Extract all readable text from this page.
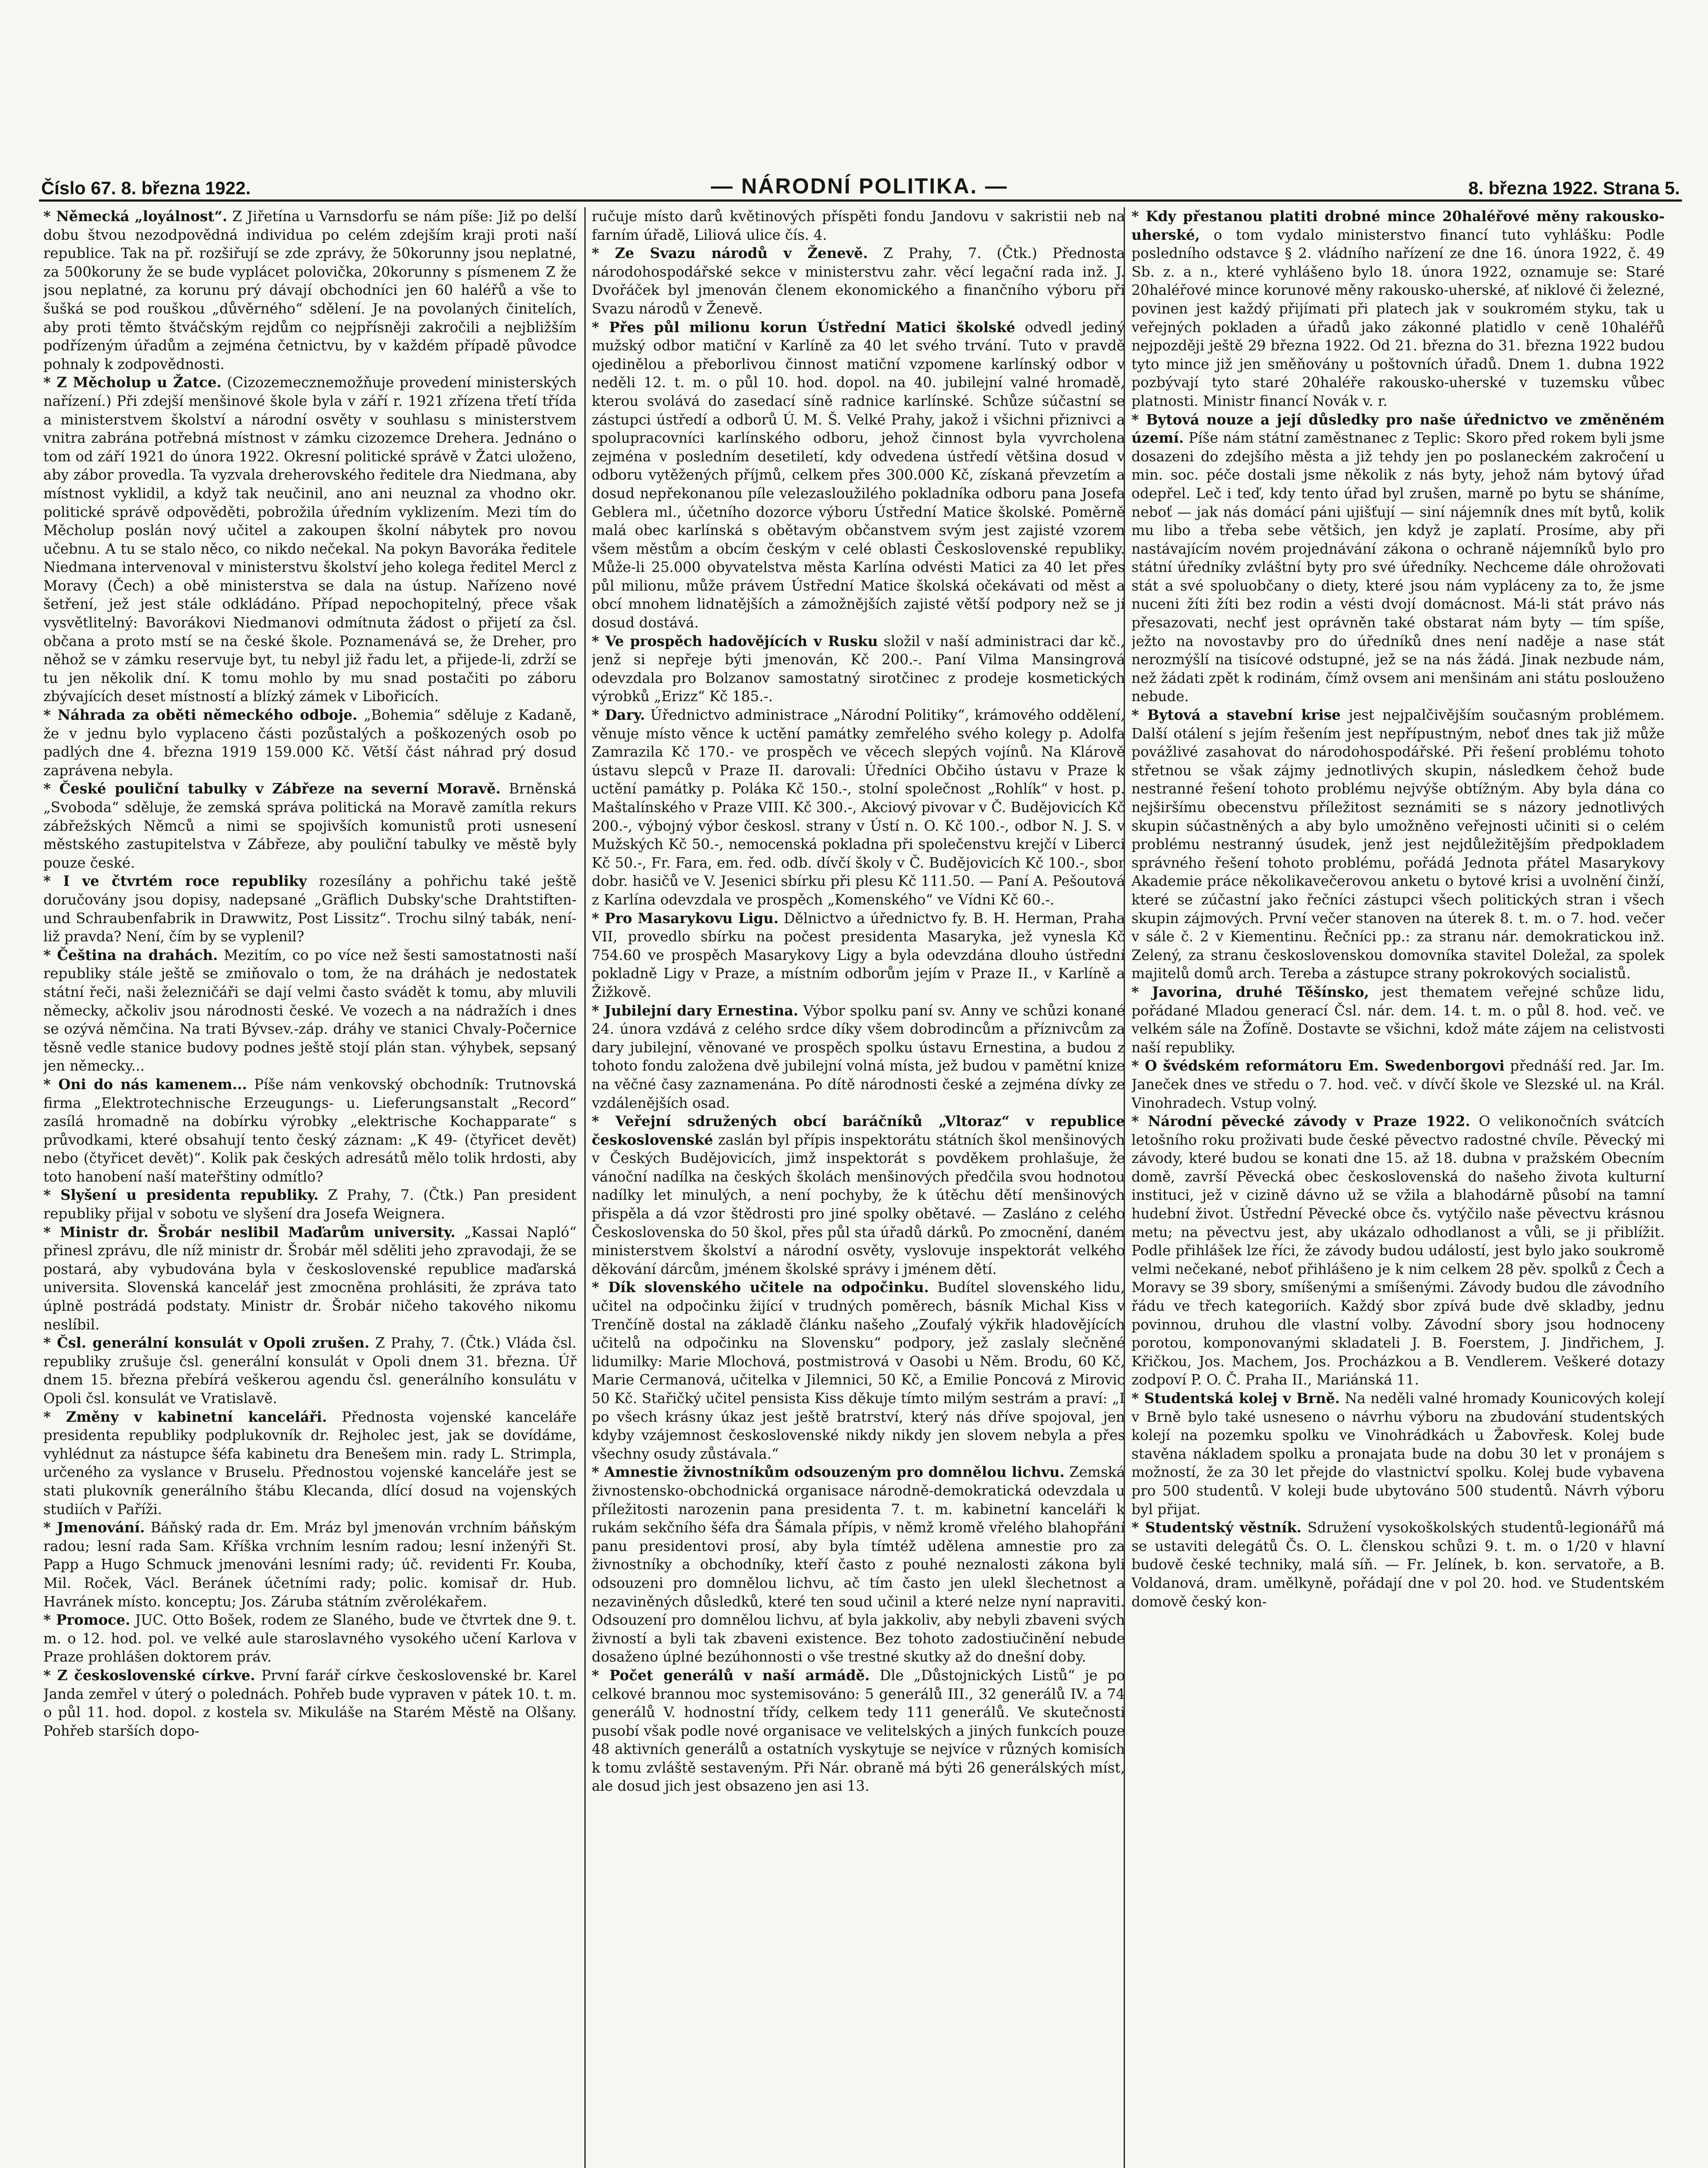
Číslo 67. 8. března 1922.	— NÁRODNÍ POLITIKA. —	8. března 1922. Strana 5.

* Německá „loyálnost“. Z Jiřetína u Varnsdorfu se nám píše: Již po delší dobu štvou nezodpovědná individua po celém zdejším kraji proti naší republice. Tak na př. rozšiřují se zde zprávy, že 50korunny jsou neplatné, za 500koruny že se bude vyplácet polovička, 20korunny s písmenem Z že jsou neplatné, za korunu prý dávají obchodníci jen 60 haléřů a vše to šušká se pod rouškou „důvěrného“ sdělení. Je na povolaných činitelích, aby proti těmto štváčským rejdům co nejpřísněji zakročili a nejbližším podřízeným úřadům a zejména četnictvu, by v každém případě původce pohnaly k zodpovědnosti.

* Z Měcholup u Žatce. (Cizozemecznemožňuje provedení ministerských nařízení.) Při zdejší menšinové škole byla v září r. 1921 zřízena třetí třída a ministerstvem školství a národní osvěty v souhlasu s ministerstvem vnitra zabrána potřebná místnost v zámku cizozemce Drehera. Jednáno o tom od září 1921 do února 1922. Okresní politické správě v Žatci uloženo, aby zábor provedla. Ta vyzvala dreherovského ředitele dra Niedmana, aby místnost vyklidil, a když tak neučinil, ano ani neuznal za vhodno okr. politické správě odpověděti, pobrožila úředním vyklizením. Mezi tím do Měcholup poslán nový učitel a zakoupen školní nábytek pro novou učebnu. A tu se stalo něco, co nikdo nečekal. Na pokyn Bavoráka ředitele Niedmana intervenoval v ministerstvu školství jeho kolega ředitel Mercl z Moravy (Čech) a obě ministerstva se dala na ústup. Nařízeno nové šetření, jež jest stále odkládáno. Případ nepochopitelný, přece však vysvětlitelný: Bavorákovi Niedmanovi odmítnuta žádost o přijetí za čsl. občana a proto mstí se na české škole. Poznamenává se, že Dreher, pro něhož se v zámku reservuje byt, tu nebyl již řadu let, a přijede-li, zdrží se tu jen několik dní. K tomu mohlo by mu snad postačiti po záboru zbývajících deset místností a blízký zámek v Libořicích.

* Náhrada za oběti německého odboje. „Bohemia“ sděluje z Kadaně, že v jednu bylo vyplaceno části pozůstalých a poškozených osob po padlých dne 4. března 1919 159.000 Kč. Větší část náhrad prý dosud zaprávena nebyla.

* České pouliční tabulky v Zábřeze na severní Moravě. Brněnská „Svoboda“ sděluje, že zemská správa politická na Moravě zamítla rekurs zábřežských Němců a nimi se spojivších komunistů proti usnesení městského zastupitelstva v Zábřeze, aby pouliční tabulky ve městě byly pouze české.

* I ve čtvrtém roce republiky rozesílány a pohřichu také ještě doručovány jsou dopisy, nadepsané „Gräflich Dubsky'sche Drahtstiften- und Schraubenfabrik in Drawwitz, Post Lissitz“. Trochu silný tabák, není-liž pravda? Není, čím by se vyplenil?

* Čeština na drahách. Mezitím, co po více než šesti samostatnosti naší republiky stále ještě se zmiňovalo o tom, že na dráhách je nedostatek státní řeči, naši železničáři se dají velmi často svádět k tomu, aby mluvili německy, ačkoliv jsou národnosti české. Ve vozech a na nádražích i dnes se ozývá němčina. Na trati Bývsev.-záp. dráhy ve stanici Chvaly-Počernice těsně vedle stanice budovy podnes ještě stojí plán stan. výhybek, sepsaný jen německy...

* Oni do nás kamenem... Píše nám venkovský obchodník: Trutnovská firma „Elektrotechnische Erzeugungs- u. Lieferungsanstalt „Record“ zasílá hromadně na dobírku výrobky „elektrische Kochapparate“ s průvodkami, které obsahují tento český záznam: „K 49- (čtyřicet devět) nebo (čtyřicet devět)“. Kolik pak českých adresátů mělo tolik hrdosti, aby toto hanobení naší mateřštiny odmítlo?

* Slyšení u presidenta republiky. Z Prahy, 7. (Čtk.) Pan president republiky přijal v sobotu ve slyšení dra Josefa Weignera.

* Ministr dr. Šrobár neslibil Maďarům university. „Kassai Napló“ přinesl zprávu, dle níž ministr dr. Šrobár měl sděliti jeho zpravodaji, že se postará, aby vybudována byla v československé republice maďarská universita. Slovenská kancelář jest zmocněna prohlásiti, že zpráva tato úplně postrádá podstaty. Ministr dr. Šrobár ničeho takového nikomu neslíbil.

* Čsl. generální konsulát v Opoli zrušen. Z Prahy, 7. (Čtk.) Vláda čsl. republiky zrušuje čsl. generální konsulát v Opoli dnem 31. března. Úř dnem 15. března přebírá veškerou agendu čsl. generálního konsulátu v Opoli čsl. konsulát ve Vratislavě.

* Změny v kabinetní kanceláři. Přednosta vojenské kanceláře presidenta republiky podplukovník dr. Rejholec jest, jak se dovídáme, vyhlédnut za nástupce šéfa kabinetu dra Benešem min. rady L. Strimpla, určeného za vyslance v Bruselu. Přednostou vojenské kanceláře jest se stati plukovník generálního štábu Klecanda, dlící dosud na vojenských studiích v Paříži.

* Jmenování. Báňský rada dr. Em. Mráz byl jmenován vrchním báňským radou; lesní rada Sam. Kříška vrchním lesním radou; lesní inženýři St. Papp a Hugo Schmuck jmenováni lesními rady; úč. revidenti Fr. Kouba, Mil. Roček, Václ. Beránek účetními rady; polic. komisař dr. Hub. Havránek místo. konceptu; Jos. Záruba státním zvěrolékařem.

* Promoce. JUC. Otto Bošek, rodem ze Slaného, bude ve čtvrtek dne 9. t. m. o 12. hod. pol. ve velké aule staroslavného vysokého učení Karlova v Praze prohlášen doktorem práv.

* Z československé církve. První farář církve československé br. Karel Janda zemřel v úterý o polednách. Pohřeb bude vypraven v pátek 10. t. m. o půl 11. hod. dopol. z kostela sv. Mikuláše na Starém Městě na Olšany. Pohřeb starších dopo-

ručuje místo darů květinových příspěti fondu Jandovu v sakristii neb na farním úřadě, Liliová ulice čís. 4.

* Ze Svazu národů v Ženevě. Z Prahy, 7. (Čtk.) Přednosta národohospodářské sekce v ministerstvu zahr. věcí legační rada inž. J. Dvořáček byl jmenován členem ekonomického a finančního výboru při Svazu národů v Ženevě.

* Přes půl milionu korun Ústřední Matici školské odvedl jediný mužský odbor matiční v Karlíně za 40 let svého trvání. Tuto v pravdě ojedinělou a přeborlivou činnost matiční vzpomene karlínský odbor v neděli 12. t. m. o půl 10. hod. dopol. na 40. jubilejní valné hromadě, kterou svolává do zasedací síně radnice karlínské. Schůze súčastní se zástupci ústředí a odborů Ú. M. Š. Velké Prahy, jakož i všichni přiznivci a spolupracovníci karlínského odboru, jehož činnost byla vyvrcholena zejména v posledním desetiletí, kdy odvedena ústředí většina dosud v odboru vytěžených příjmů, celkem přes 300.000 Kč, získaná převzetím a dosud nepřekonanou píle velezasloužilého pokladníka odboru pana Josefa Geblera ml., účetního dozorce výboru Ústřední Matice školské. Poměrně malá obec karlínská s obětavým občanstvem svým jest zajisté vzorem všem městům a obcím českým v celé oblasti Československé republiky. Může-li 25.000 obyvatelstva města Karlína odvésti Matici za 40 let přes půl milionu, může právem Ústřední Matice školská očekávati od měst a obcí mnohem lidnatějších a zámožnějších zajisté větší podpory než se jí dosud dostává.

* Ve prospěch hadovějících v Rusku složil v naší administraci dar kč., jenž si nepřeje býti jmenován, Kč 200.-. Paní Vilma Mansingrová odevzdala pro Bolzanov samostatný sirotčinec z prodeje kosmetických výrobků „Erizz“ Kč 185.-.

* Dary. Úřednictvo administrace „Národní Politiky“, krámového oddělení, věnuje místo věnce k uctění památky zemřelého svého kolegy p. Adolfa Zamrazila Kč 170.- ve prospěch ve věcech slepých vojínů. Na Klárově ústavu slepců v Praze II. darovali: Úředníci Občiho ústavu v Praze k uctění památky p. Poláka Kč 150.-, stolní společnost „Rohlík“ v host. p. Maštalínského v Praze VIII. Kč 300.-, Akciový pivovar v Č. Budějovicích Kč 200.-, výbojný výbor českosl. strany v Ústí n. O. Kč 100.-, odbor N. J. S. v Mužských Kč 50.-, nemocenská pokladna při společenstvu krejčí v Liberci Kč 50.-, Fr. Fara, em. řed. odb. dívčí školy v Č. Budějovicích Kč 100.-, sbor dobr. hasičů ve V. Jesenici sbírku při plesu Kč 111.50. — Paní A. Pešoutová z Karlína odevzdala ve prospěch „Komenského“ ve Vídni Kč 60.-.

* Pro Masarykovu Ligu. Dělnictvo a úřednictvo fy. B. H. Herman, Praha VII, provedlo sbírku na počest presidenta Masaryka, jež vynesla Kč 754.60 ve prospěch Masarykovy Ligy a byla odevzdána dlouho ústřední pokladně Ligy v Praze, a místním odborům jejím v Praze II., v Karlíně a Žižkově.

* Jubilejní dary Ernestina. Výbor spolku paní sv. Anny ve schůzi konané 24. února vzdává z celého srdce díky všem dobrodincům a příznivcům za dary jubilejní, věnované ve prospěch spolku ústavu Ernestina, a budou z tohoto fondu založena dvě jubilejní volná místa, jež budou v pamětní knize na věčné časy zaznamenána. Po dítě národnosti české a zejména dívky ze vzdálenějších osad.

* Veřejní sdružených obcí baráčníků „Vltoraz“ v republice československé zaslán byl přípis inspektorátu státních škol menšinových v Českých Budějovicích, jimž inspektorát s povděkem prohlašuje, že vánoční nadílka na českých školách menšinových předčila svou hodnotou nadílky let minulých, a není pochyby, že k útěchu dětí menšinových přispěla a dá vzor štědrosti pro jiné spolky obětavé. — Zasláno z celého Československa do 50 škol, přes půl sta úřadů dárků. Po zmocnění, daném ministerstvem školství a národní osvěty, vyslovuje inspektorát velkého děkování dárcům, jménem školské správy i jménem dětí.

* Dík slovenského učitele na odpočinku. Budítel slovenského lidu, učitel na odpočinku žijící v trudných poměrech, básník Michal Kiss v Trenčíně dostal na základě článku našeho „Zoufalý výkřik hladovějících učitelů na odpočinku na Slovensku“ podpory, jež zaslaly slečněné lidumilky: Marie Mlochová, postmistrová v Oasobi u Něm. Brodu, 60 Kč, Marie Cermanová, učitelka v Jilemnici, 50 Kč, a Emilie Poncová z Mirovic 50 Kč. Stařičký učitel pensista Kiss děkuje tímto milým sestrám a praví: „I po všech krásny úkaz jest ještě bratrství, který nás dříve spojoval, jen kdyby vzájemnost československé nikdy nikdy jen slovem nebyla a přes všechny osudy zůstávala.“

* Amnestie živnostníkům odsouzeným pro domnělou lichvu. Zemská živnostensko-obchodnická organisace národně-demokratická odevzdala u příležitosti narozenin pana presidenta 7. t. m. kabinetní kanceláři k rukám sekčního šéfa dra Šámala přípis, v němž kromě vřelého blahopřání panu presidentovi prosí, aby byla tímtéž udělena amnestie pro za živnostníky a obchodníky, kteří často z pouhé neznalosti zákona byli odsouzeni pro domnělou lichvu, ač tím často jen ulekl šlechetnost a nezaviněných důsledků, které ten soud učinil a které nelze nyní napraviti. Odsouzení pro domnělou lichvu, ať byla jakkoliv, aby nebyli zbaveni svých živností a byli tak zbaveni existence. Bez tohoto zadostiučinění nebude dosaženo úplné bezúhonnosti o vše trestné skutky až do dnešní doby.

* Počet generálů v naší armádě. Dle „Důstojnických Listů“ je po celkové brannou moc systemisováno: 5 generálů III., 32 generálů IV. a 74 generálů V. hodnostní třídy, celkem tedy 111 generálů. Ve skutečnosti pusobí však podle nové organisace ve velitelských a jiných funkcích pouze 48 aktivních generálů a ostatních vyskytuje se nejvíce v různých komisích k tomu zvláště sestaveným. Při Nár. obraně má býti 26 generálských míst, ale dosud jich jest obsazeno jen asi 13.

* Kdy přestanou platiti drobné mince 20haléřové měny rakousko-uherské, o tom vydalo ministerstvo financí tuto vyhlášku: Podle posledního odstavce § 2. vládního nařízení ze dne 16. února 1922, č. 49 Sb. z. a n., které vyhlášeno bylo 18. února 1922, oznamuje se: Staré 20haléřové mince korunové měny rakousko-uherské, ať niklové či železné, povinen jest každý přijímati při platech jak v soukromém styku, tak u veřejných pokladen a úřadů jako zákonné platidlo v ceně 10haléřů nejpozději ještě 29 března 1922. Od 21. března do 31. března 1922 budou tyto mince již jen směňovány u poštovních úřadů. Dnem 1. dubna 1922 pozbývají tyto staré 20haléře rakousko-uherské v tuzemsku vůbec platnosti. Ministr financí Novák v. r.

* Bytová nouze a její důsledky pro naše úřednictvo ve změněném území. Píše nám státní zaměstnanec z Teplic: Skoro před rokem byli jsme dosazeni do zdejšího města a již tehdy jen po poslaneckém zakročení u min. soc. péče dostali jsme několik z nás byty, jehož nám bytový úřad odepřel. Leč i teď, kdy tento úřad byl zrušen, marně po bytu se sháníme, neboť — jak nás domácí páni ujišťují — siní nájemník dnes mít bytů, kolik mu libo a třeba sebe většich, jen když je zaplatí. Prosíme, aby při nastávajícím novém projednávání zákona o ochraně nájemníků bylo pro státní úředníky zvláštní byty pro své úředníky. Nechceme dále ohrožovati stát a své spoluobčany o diety, které jsou nám vypláceny za to, že jsme nuceni žíti žíti bez rodin a vésti dvojí domácnost. Má-li stát právo nás přesazovati, nechť jest oprávněn také obstarat nám byty — tím spíše, ježto na novostavby pro do úředníků dnes není naděje a nase stát nerozmýšlí na tisícové odstupné, jež se na nás žádá. Jinak nezbude nám, než žádati zpět k rodinám, čímž ovsem ani menšinám ani státu poslouženo nebude.

* Bytová a stavební krise jest nejpalčivějším současným problémem. Další otálení s jejím řešením jest nepřípustným, neboť dnes tak již může povážlivé zasahovat do národohospodářské. Při řešení problému tohoto střetnou se však zájmy jednotlivých skupin, následkem čehož bude nestranné řešení tohoto problému nejvýše obtížným. Aby byla dána co nejširšímu obecenstvu příležitost seznámiti se s názory jednotlivých skupin súčastněných a aby bylo umožněno veřejnosti učiniti si o celém problému nestranný úsudek, jenž jest nejdůležitějším předpokladem správného řešení tohoto problému, pořádá Jednota přátel Masarykovy Akademie práce několikavečerovou anketu o bytové krisi a uvolnění činží, které se zúčastní jako řečníci zástupci všech politických stran i všech skupin zájmových. První večer stanoven na úterek 8. t. m. o 7. hod. večer v sále č. 2 v Kiementinu. Řečníci pp.: za stranu nár. demokratickou inž. Zelený, za stranu československou domovníka stavitel Doležal, za spolek majitelů domů arch. Tereba a zástupce strany pokrokových socialistů.

* Javorina, druhé Těšínsko, jest thematem veřejné schůze lidu, pořádané Mladou generací Čsl. nár. dem. 14. t. m. o půl 8. hod. več. ve velkém sále na Žofíně. Dostavte se všichni, kdož máte zájem na celistvosti naší republiky.

* O švédském reformátoru Em. Swedenborgovi přednáší red. Jar. Im. Janeček dnes ve středu o 7. hod. več. v dívčí škole ve Slezské ul. na Král. Vinohradech. Vstup volný.

* Národní pěvecké závody v Praze 1922. O velikonočních svátcích letošního roku proživati bude české pěvectvo radostné chvíle. Pěvecký mi závody, které budou se konati dne 15. až 18. dubna v pražském Obecním domě, završí Pěvecká obec československá do našeho života kulturní instituci, jež v cizině dávno už se vžila a blahodárně působí na tamní hudební život. Ústřední Pěvecké obce čs. vytýčilo naše pěvectvu krásnou metu; na pěvectvu jest, aby ukázalo odhodlanost a vůli, se ji přiblížit. Podle přihlášek lze říci, že závody budou událostí, jest bylo jako soukromě velmi nečekané, neboť přihlášeno je k nim celkem 28 pěv. spolků z Čech a Moravy se 39 sbory, smíšenými a smíšenými. Závody budou dle závodního řádu ve třech kategoriích. Každý sbor zpívá bude dvě skladby, jednu povinnou, druhou dle vlastní volby. Závodní sbory jsou hodnoceny porotou, komponovanými skladateli J. B. Foerstem, J. Jindřichem, J. Křičkou, Jos. Machem, Jos. Procházkou a B. Vendlerem. Veškeré dotazy zodpoví P. O. Č. Praha II., Mariánská 11.

* Studentská kolej v Brně. Na neděli valné hromady Kounicových kolejí v Brně bylo také usneseno o návrhu výboru na zbudování studentských kolejí na pozemku spolku ve Vinohrádkách u Žabovřesk. Kolej bude stavěna nákladem spolku a pronajata bude na dobu 30 let v pronájem s možností, že za 30 let přejde do vlastnictví spolku. Kolej bude vybavena pro 500 studentů. V koleji bude ubytováno 500 studentů. Návrh výboru byl přijat.

* Studentský věstník. Sdružení vysokoškolských studentů-legionářů má se ustaviti delegátů Čs. O. L. členskou schůzi 9. t. m. o 1/20 v hlavní budově české techniky, malá síň. — Fr. Jelínek, b. kon. servatoře, a B. Voldanová, dram. umělkyně, pořádají dne v pol 20. hod. ve Studentském domově český kon-
